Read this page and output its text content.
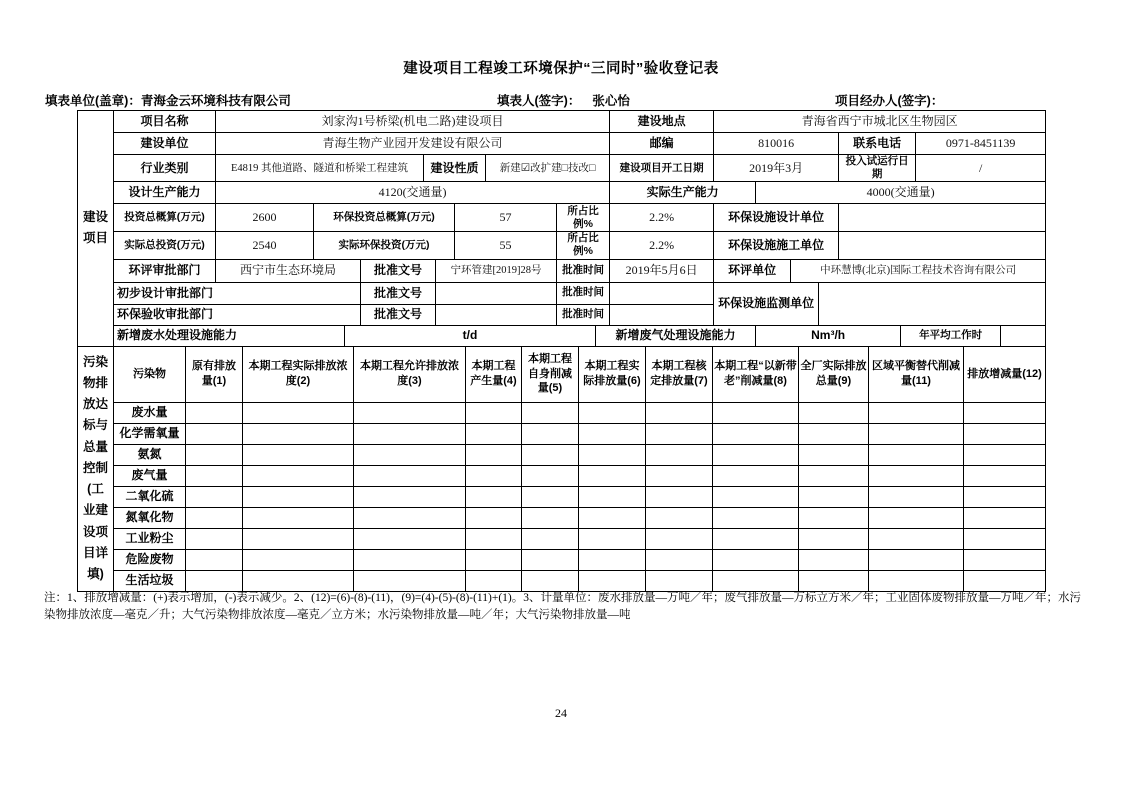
建设项目工程竣工环境保护“三同时”验收登记表
填表单位(盖章)：青海金云环境科技有限公司	填表人(签字)： 张心怡	项目经办人(签字)：
建设项目	项目名称	刘家沟1号桥梁(机电二路)建设项目										建设地点	青海省西宁市城北区生物园区							
	建设单位	青海生物产业园开发建设有限公司										邮编	810016				联系电话		0971-8451139	
	行业类别	E4819 其他道路、隧道和桥梁工程建筑				建设性质			新建☑改扩建□技改□			建设项目开工日期	2019年3月				投入试运行日期		/	
	设计生产能力	4120(交通量)										实际生产能力		4000(交通量)						
	投资总概算(万元)	2600	环保投资总概算(万元)					57		所占比例%		2.2%	环保设施设计单位							
	实际总投资(万元)	2540	实际环保投资(万元)					55		所占比例%		2.2%	环保设施施工单位							
	环评审批部门	西宁市生态环境局			批准文号		宁环管建[2019]28号			批准时间		2019年5月6日	环评单位		中环慧博(北京)国际工程技术咨询有限公司					
	初步设计审批部门				批准文号					批准时间			环保设施监测单位							
	环保验收审批部门				批准文号					批准时间										
	新增废水处理设施能力			t/d							新增废气处理设施能力			Nm³/h				年平均工作时		
污染物排放达标与总量控制(工业建设项目详填)	污染物	原有排放量(1)	本期工程实际排放浓度(2)	本期工程允许排放浓度(3)	本期工程产生量(4)	本期工程自身削减量(5)	本期工程实际排放量(6)	本期工程核定排放量(7)	本期工程“以新带老”削减量(8)	全厂实际排放总量(9)	区域平衡替代削减量(11)	排放增减量(12)
	废水量											
	化学需氧量											
	氨氮											
	废气量											
	二氧化硫											
	氮氧化物											
	工业粉尘											
	危险废物											
	生活垃圾											
注：1、排放增减量：(+)表示增加，(-)表示减少。2、(12)=(6)-(8)-(11)，(9)=(4)-(5)-(8)-(11)+(1)。3、计量单位：废水排放量—万吨／年；废气排放量—万标立方米／年；工业固体废物排放量—万吨／年；水污染物排放浓度—毫克／升；大气污染物排放浓度—毫克／立方米；水污染物排放量—吨／年；大气污染物排放量—吨
24
